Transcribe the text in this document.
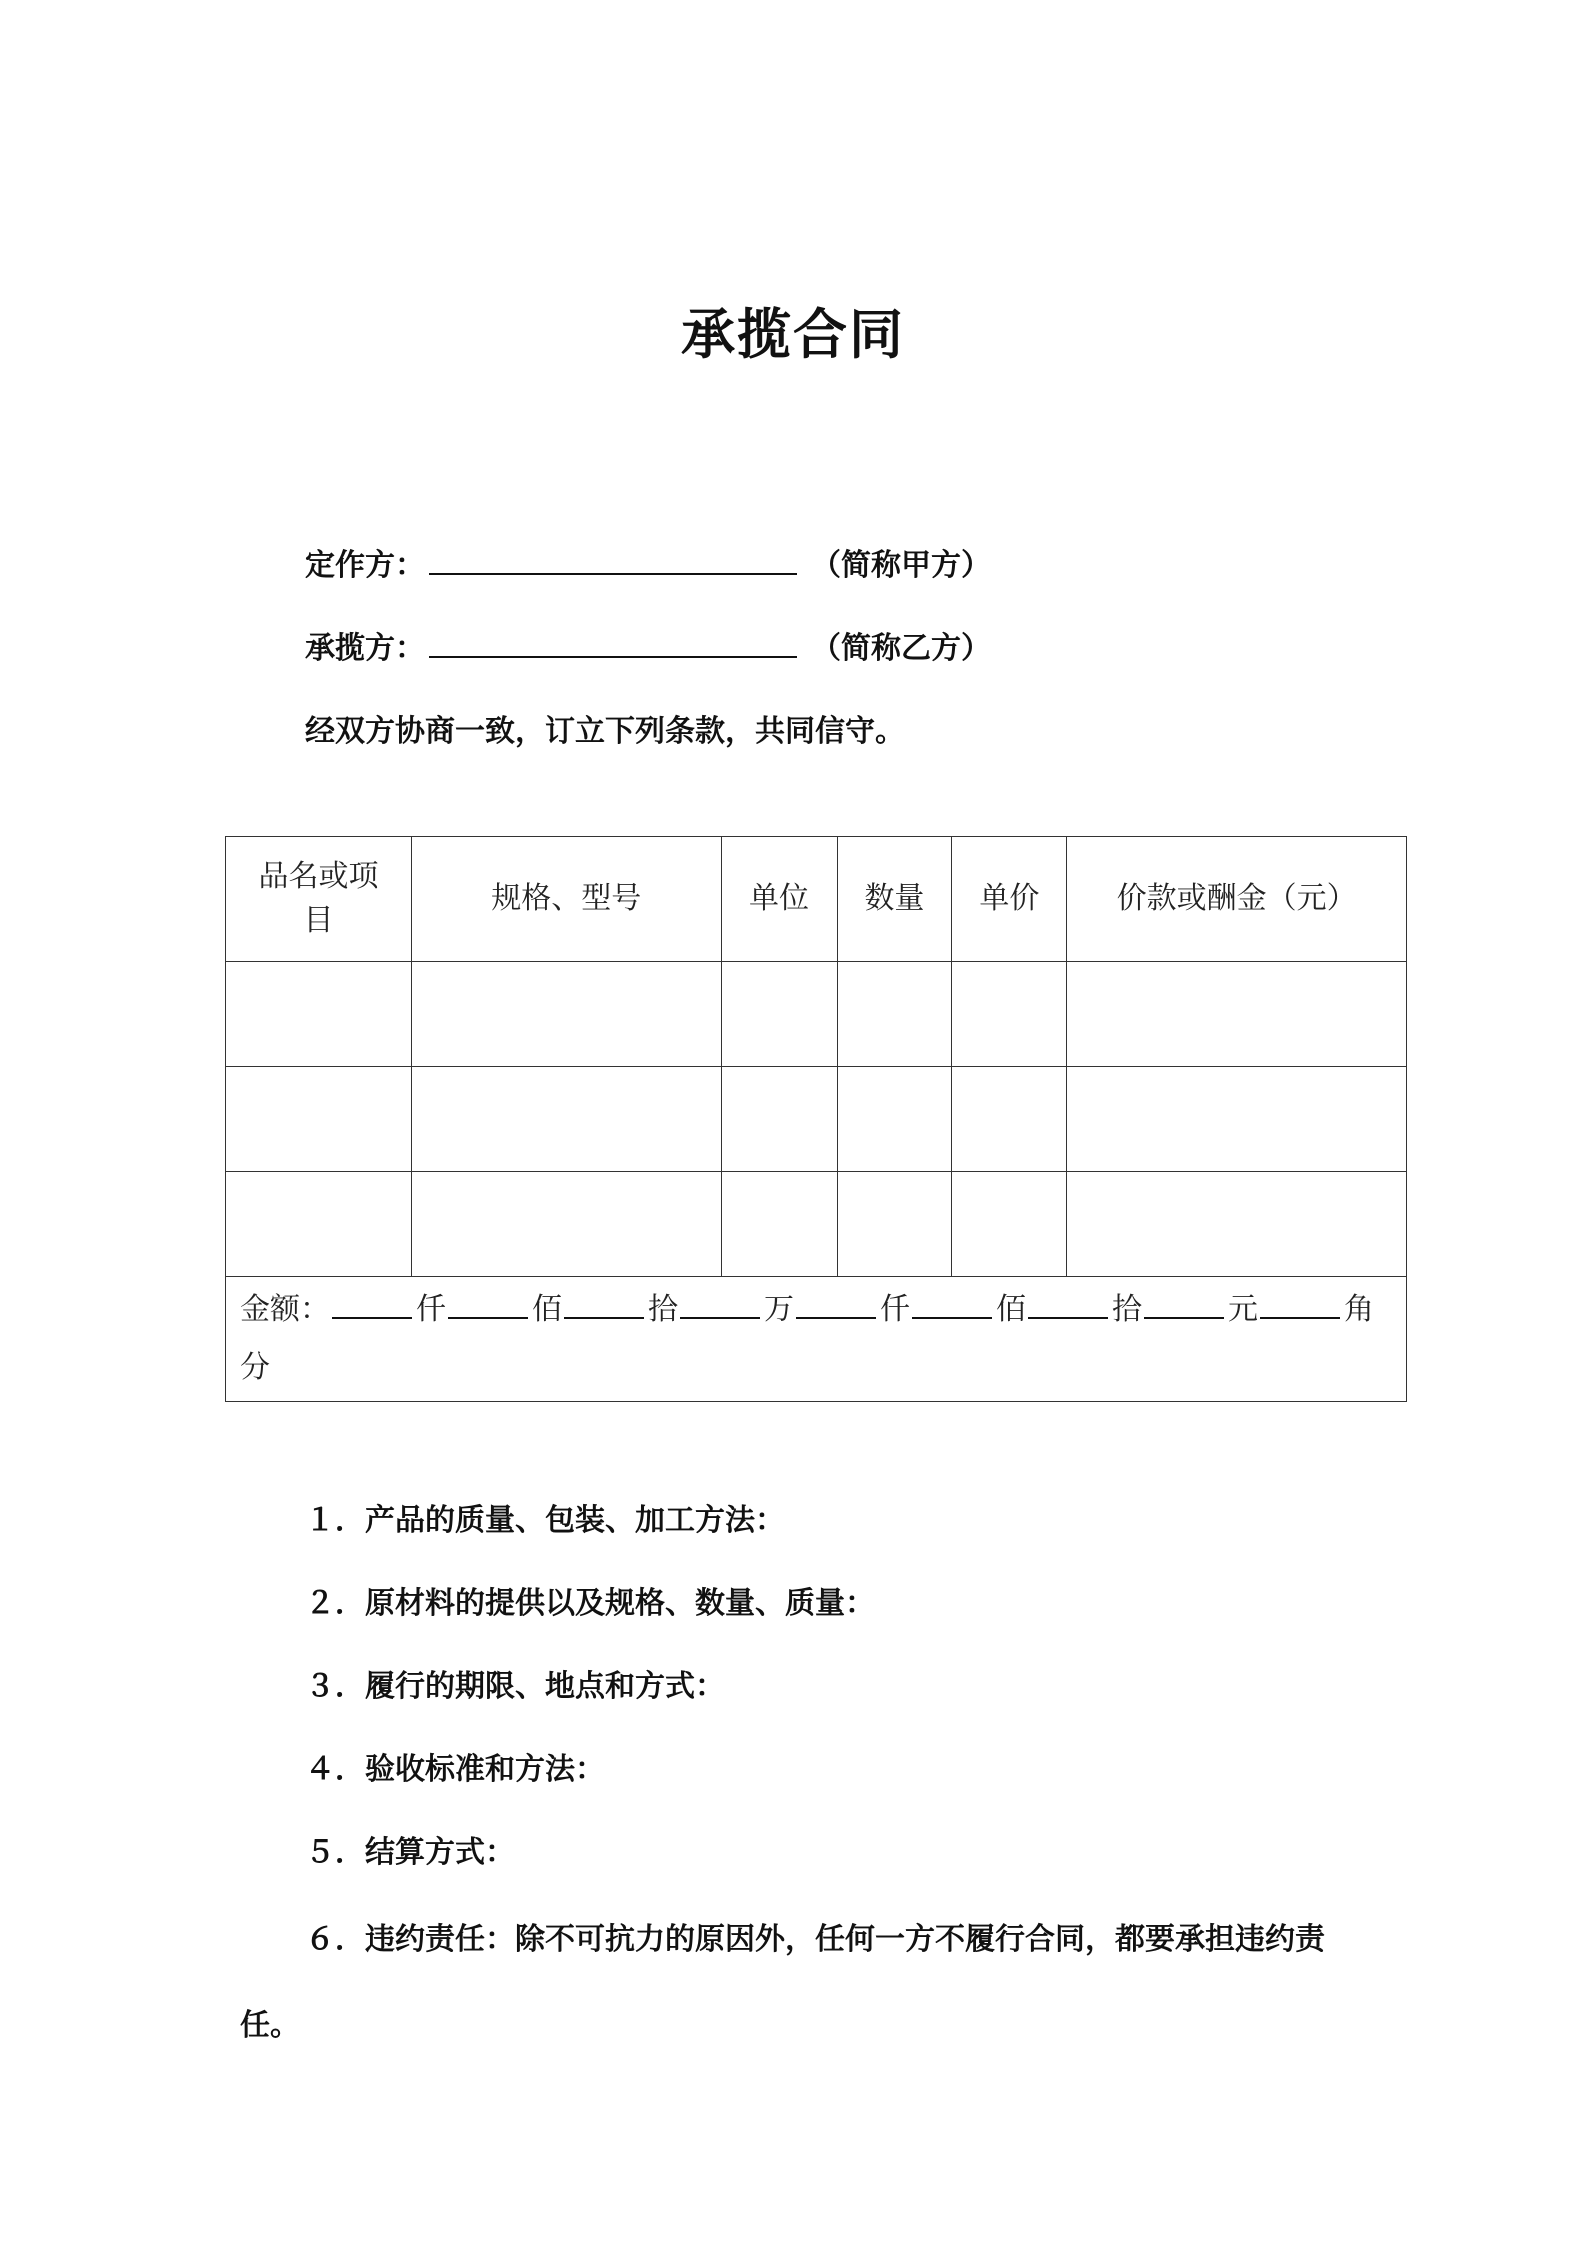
承揽合同
定作方：	（简称甲方）
承揽方：	（简称乙方）
经双方协商一致，订立下列条款，共同信守。
品名或项目	规格、型号	单位	数量	单价	价款或酬金（元）

金额： 仟 佰 拾 万 仟 佰 拾 元 角分					
１．产品的质量、包装、加工方法：
２．原材料的提供以及规格、数量、质量：
３．履行的期限、地点和方式：
４．验收标准和方法：
５．结算方式：
６．违约责任：除不可抗力的原因外，任何一方不履行合同，都要承担违约责任。
